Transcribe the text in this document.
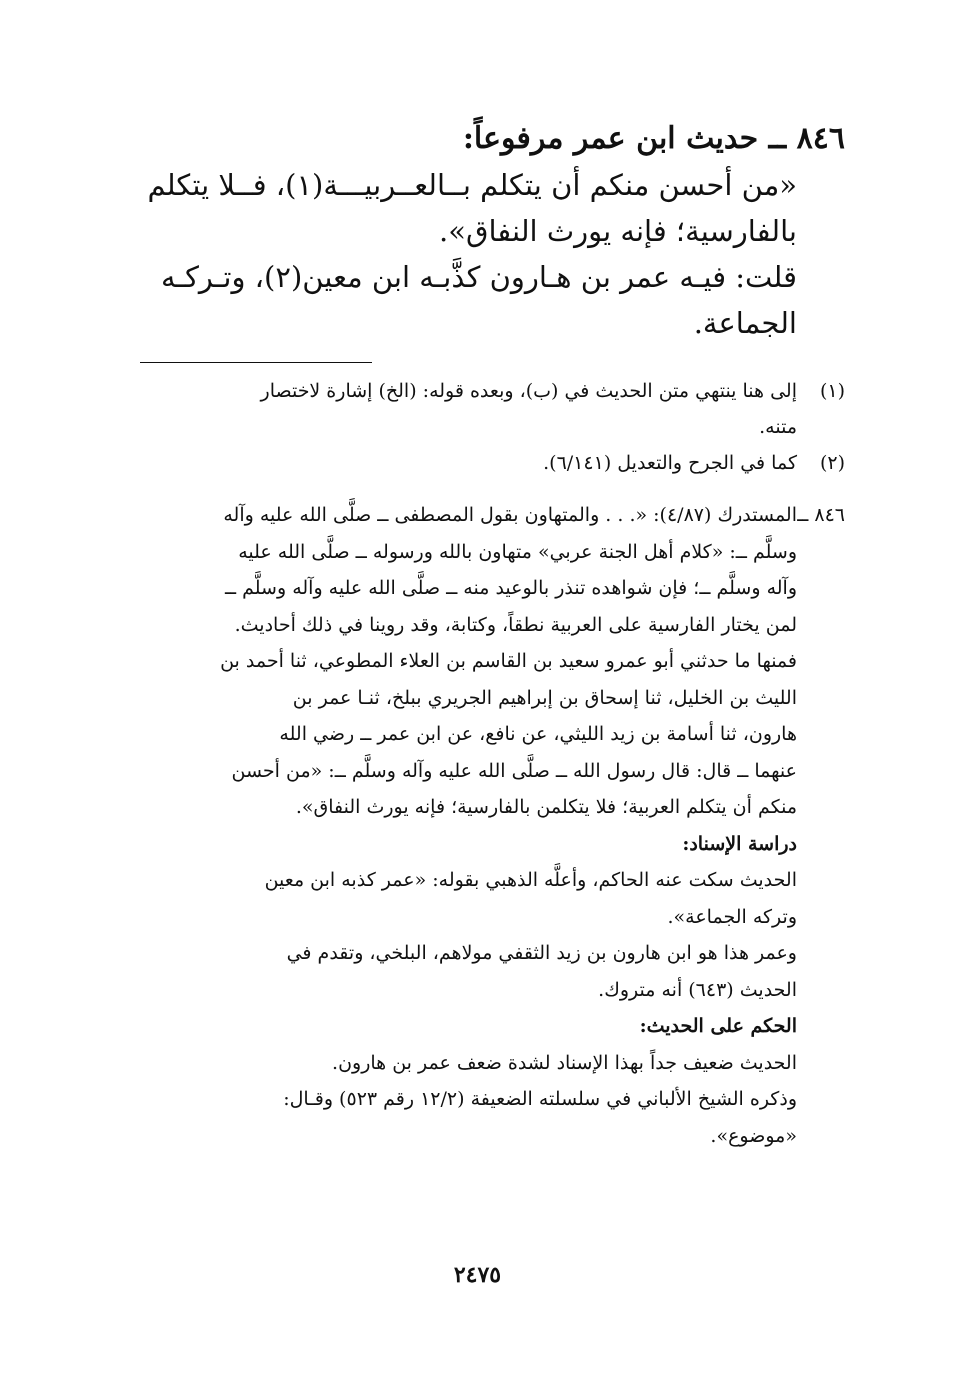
٨٤٦ ــ حديث ابن عمر مرفوعاً:

«من أحسن منكم أن يتكلم بــالعــربيـــة(١)، فــلا يتكلم

بالفارسية؛ فإنه يورث النفاق».

قلت: فيـه عمر بن هـارون كذَّبـه ابن معين(٢)، وتـركـه

الجماعة.

(١)

إلى هنا ينتهي متن الحديث في (ب)، وبعده قوله: (الخ) إشارة لاختصار

متنه.

(٢)

كما في الجرح والتعديل (٦/١٤١).

٨٤٦ ــ

المستدرك (٤/٨٧): «. . . والمتهاون بقول المصطفى ــ صلَّى الله عليه وآله

وسلَّم ــ: «كلام أهل الجنة عربي» متهاون بالله ورسوله ــ صلَّى الله عليه

وآله وسلَّم ــ؛ فإن شواهده تنذر بالوعيد منه ــ صلَّى الله عليه وآله وسلَّم ــ

لمن يختار الفارسية على العربية نطقاً، وكتابة، وقد روينا في ذلك أحاديث.

فمنها ما حدثني أبو عمرو سعيد بن القاسم بن العلاء المطوعي، ثنا أحمد بن

الليث بن الخليل، ثنا إسحاق بن إبراهيم الجريري ببلخ، ثنـا عمر بن

هارون، ثنا أسامة بن زيد الليثي، عن نافع، عن ابن عمر ــ رضي الله

عنهما ــ قال: قال رسول الله ــ صلَّى الله عليه وآله وسلَّم ــ: «من أحسن

منكم أن يتكلم العربية؛ فلا يتكلمن بالفارسية؛ فإنه يورث النفاق».

دراسة الإسناد:

الحديث سكت عنه الحاكم، وأعلَّه الذهبي بقوله: «عمر كذبه ابن معين

وتركه الجماعة».

وعمر هذا هو ابن هارون بن زيد الثقفي مولاهم، البلخي، وتقدم في

الحديث (٦٤٣) أنه متروك.

الحكم على الحديث:

الحديث ضعيف جداً بهذا الإسناد لشدة ضعف عمر بن هارون.

وذكره الشيخ الألباني في سلسلته الضعيفة (١٢/٢ رقم ٥٢٣) وقـال:

«موضوع».

٢٤٧٥
